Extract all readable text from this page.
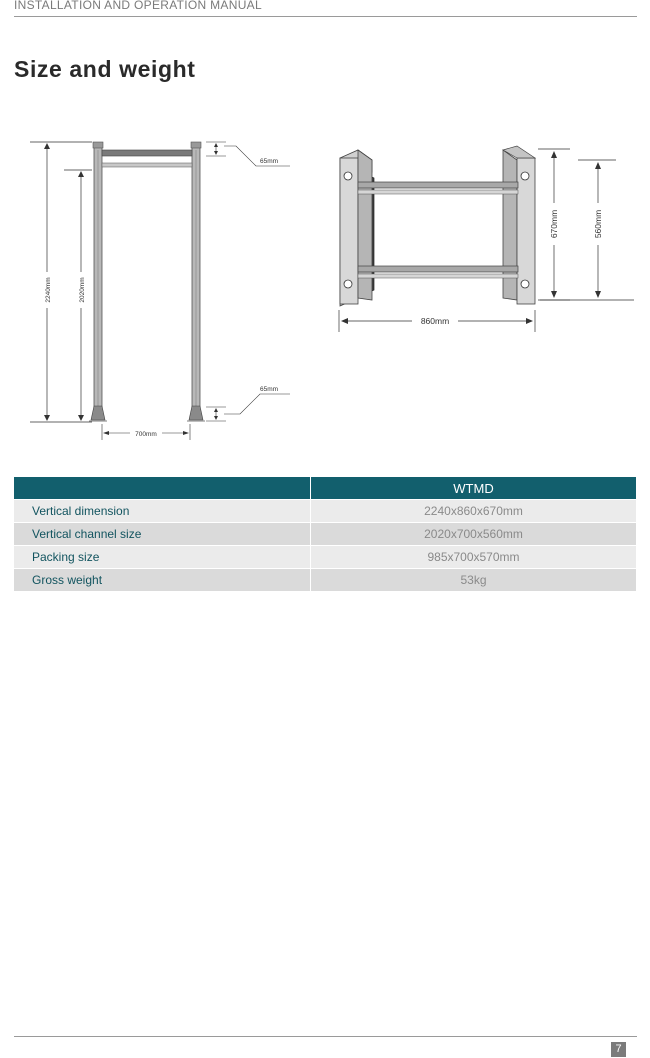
INSTALLATION AND OPERATION MANUAL
Size and weight
2240mm	2020mm
65mm
65mm
700mm
860mm
670mm	560mm
	WTMD
Vertical dimension	2240x860x670mm
Vertical channel size	2020x700x560mm
Packing size	985x700x570mm
Gross weight	53kg
7
